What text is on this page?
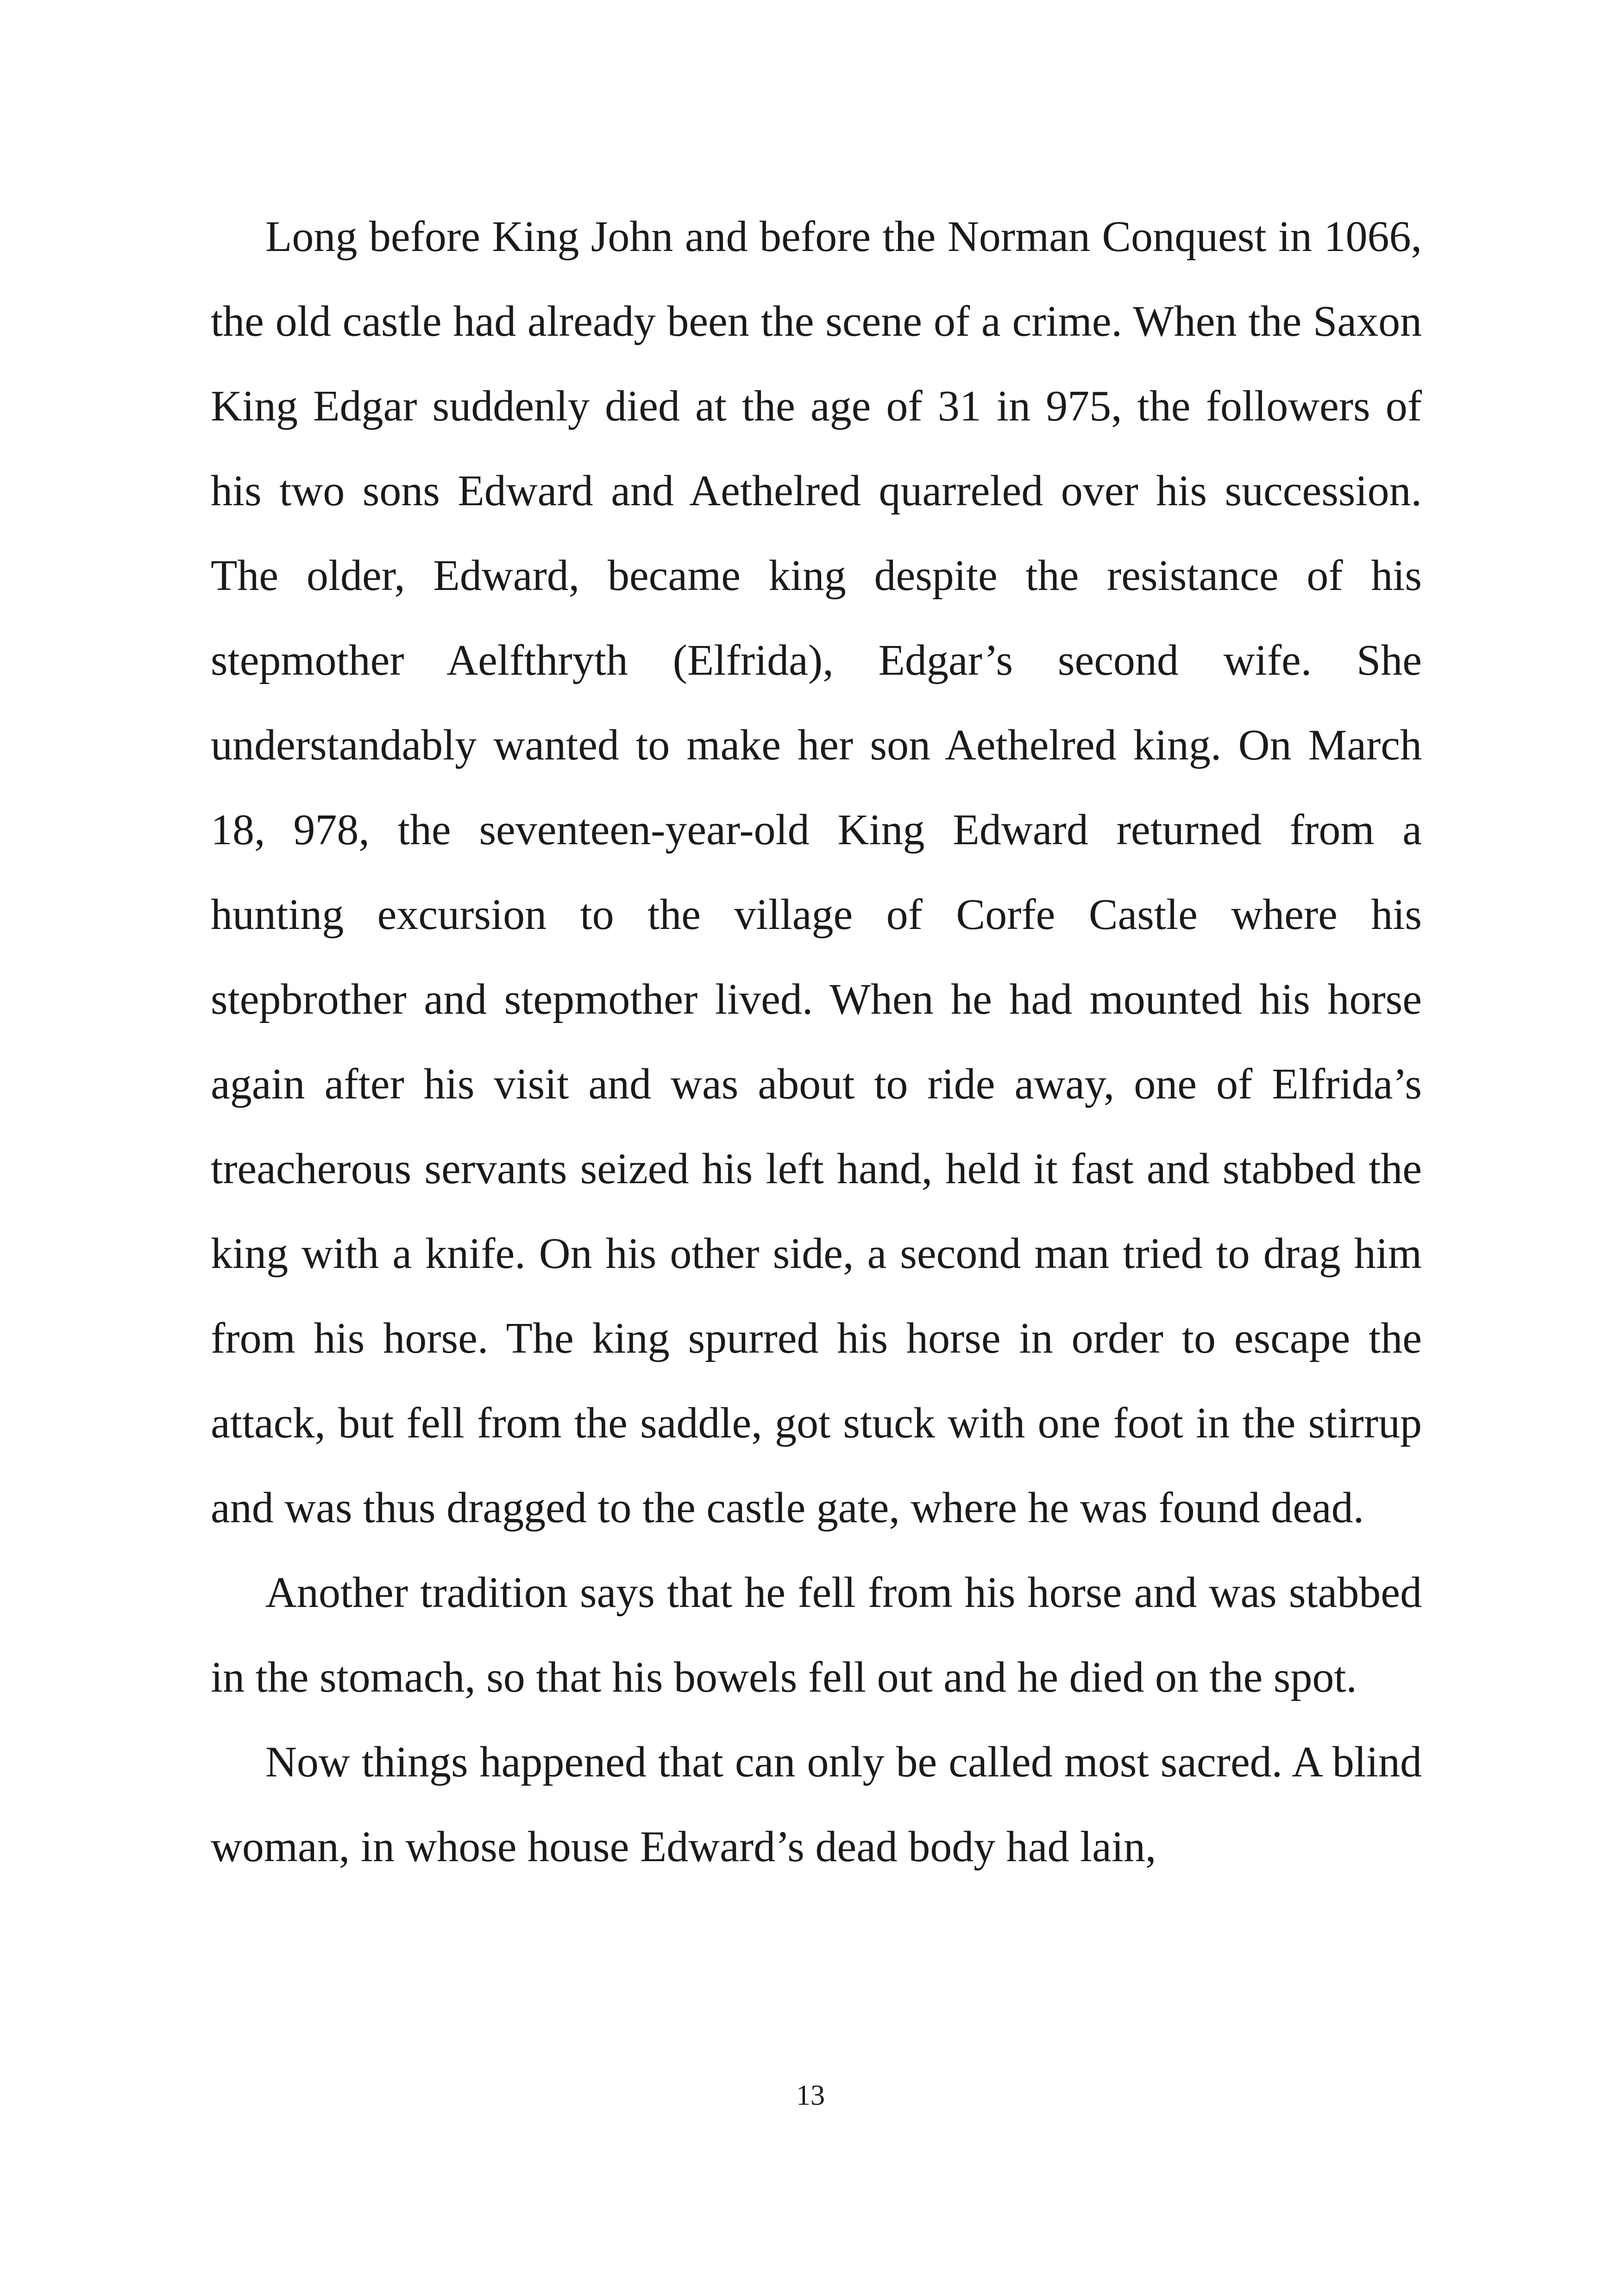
Long before King John and before the Norman Conquest in 1066, the old castle had already been the scene of a crime. When the Saxon King Edgar suddenly died at the age of 31 in 975, the followers of his two sons Edward and Aethelred quarreled over his succession. The older, Edward, became king despite the resistance of his stepmother Aelfthryth (Elfrida), Edgar’s second wife. She understandably wanted to make her son Aethelred king. On March 18, 978, the seventeen-year-old King Edward returned from a hunting excursion to the village of Corfe Castle where his stepbrother and stepmother lived. When he had mounted his horse again after his visit and was about to ride away, one of Elfrida’s treacherous servants seized his left hand, held it fast and stabbed the king with a knife. On his other side, a second man tried to drag him from his horse. The king spurred his horse in order to escape the attack, but fell from the saddle, got stuck with one foot in the stirrup and was thus dragged to the castle gate, where he was found dead.

Another tradition says that he fell from his horse and was stabbed in the stomach, so that his bowels fell out and he died on the spot.

Now things happened that can only be called most sacred. A blind woman, in whose house Edward’s dead body had lain,

13
